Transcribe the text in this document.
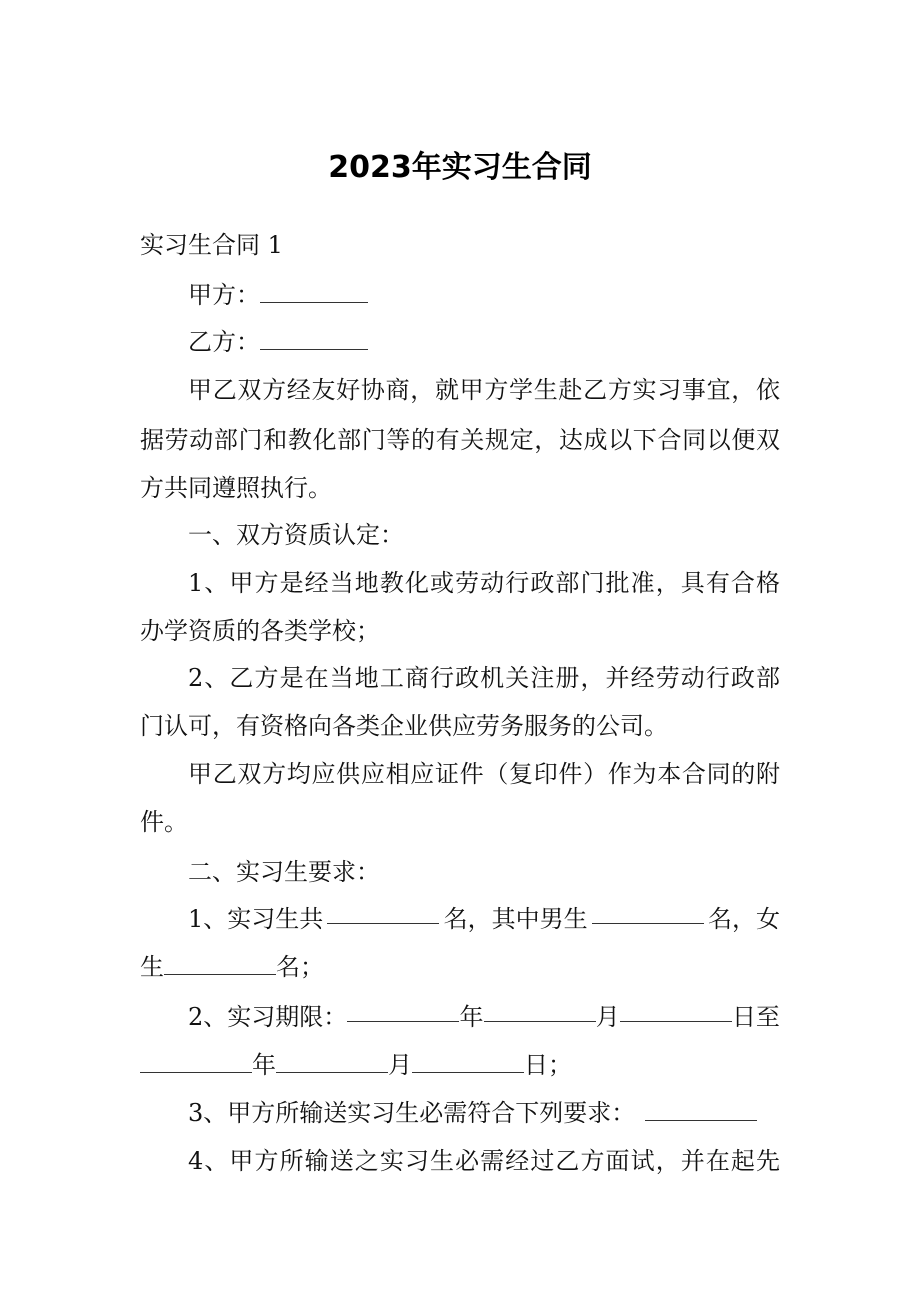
2023年实习生合同
实习生合同 1
甲方：
乙方：
甲乙双方经友好协商，就甲方学生赴乙方实习事宜，依
据劳动部门和教化部门等的有关规定，达成以下合同以便双
方共同遵照执行。
一、双方资质认定：
1、甲方是经当地教化或劳动行政部门批准，具有合格
办学资质的各类学校；
2、乙方是在当地工商行政机关注册，并经劳动行政部
门认可，有资格向各类企业供应劳务服务的公司。
甲乙双方均应供应相应证件（复印件）作为本合同的附
件。
二、实习生要求：
1、实习生共	名，其中男生	名，女
生	名；
2、实习期限：	年	月	日至
年	月	日；
3、甲方所输送实习生必需符合下列要求：
4、甲方所输送之实习生必需经过乙方面试，并在起先
